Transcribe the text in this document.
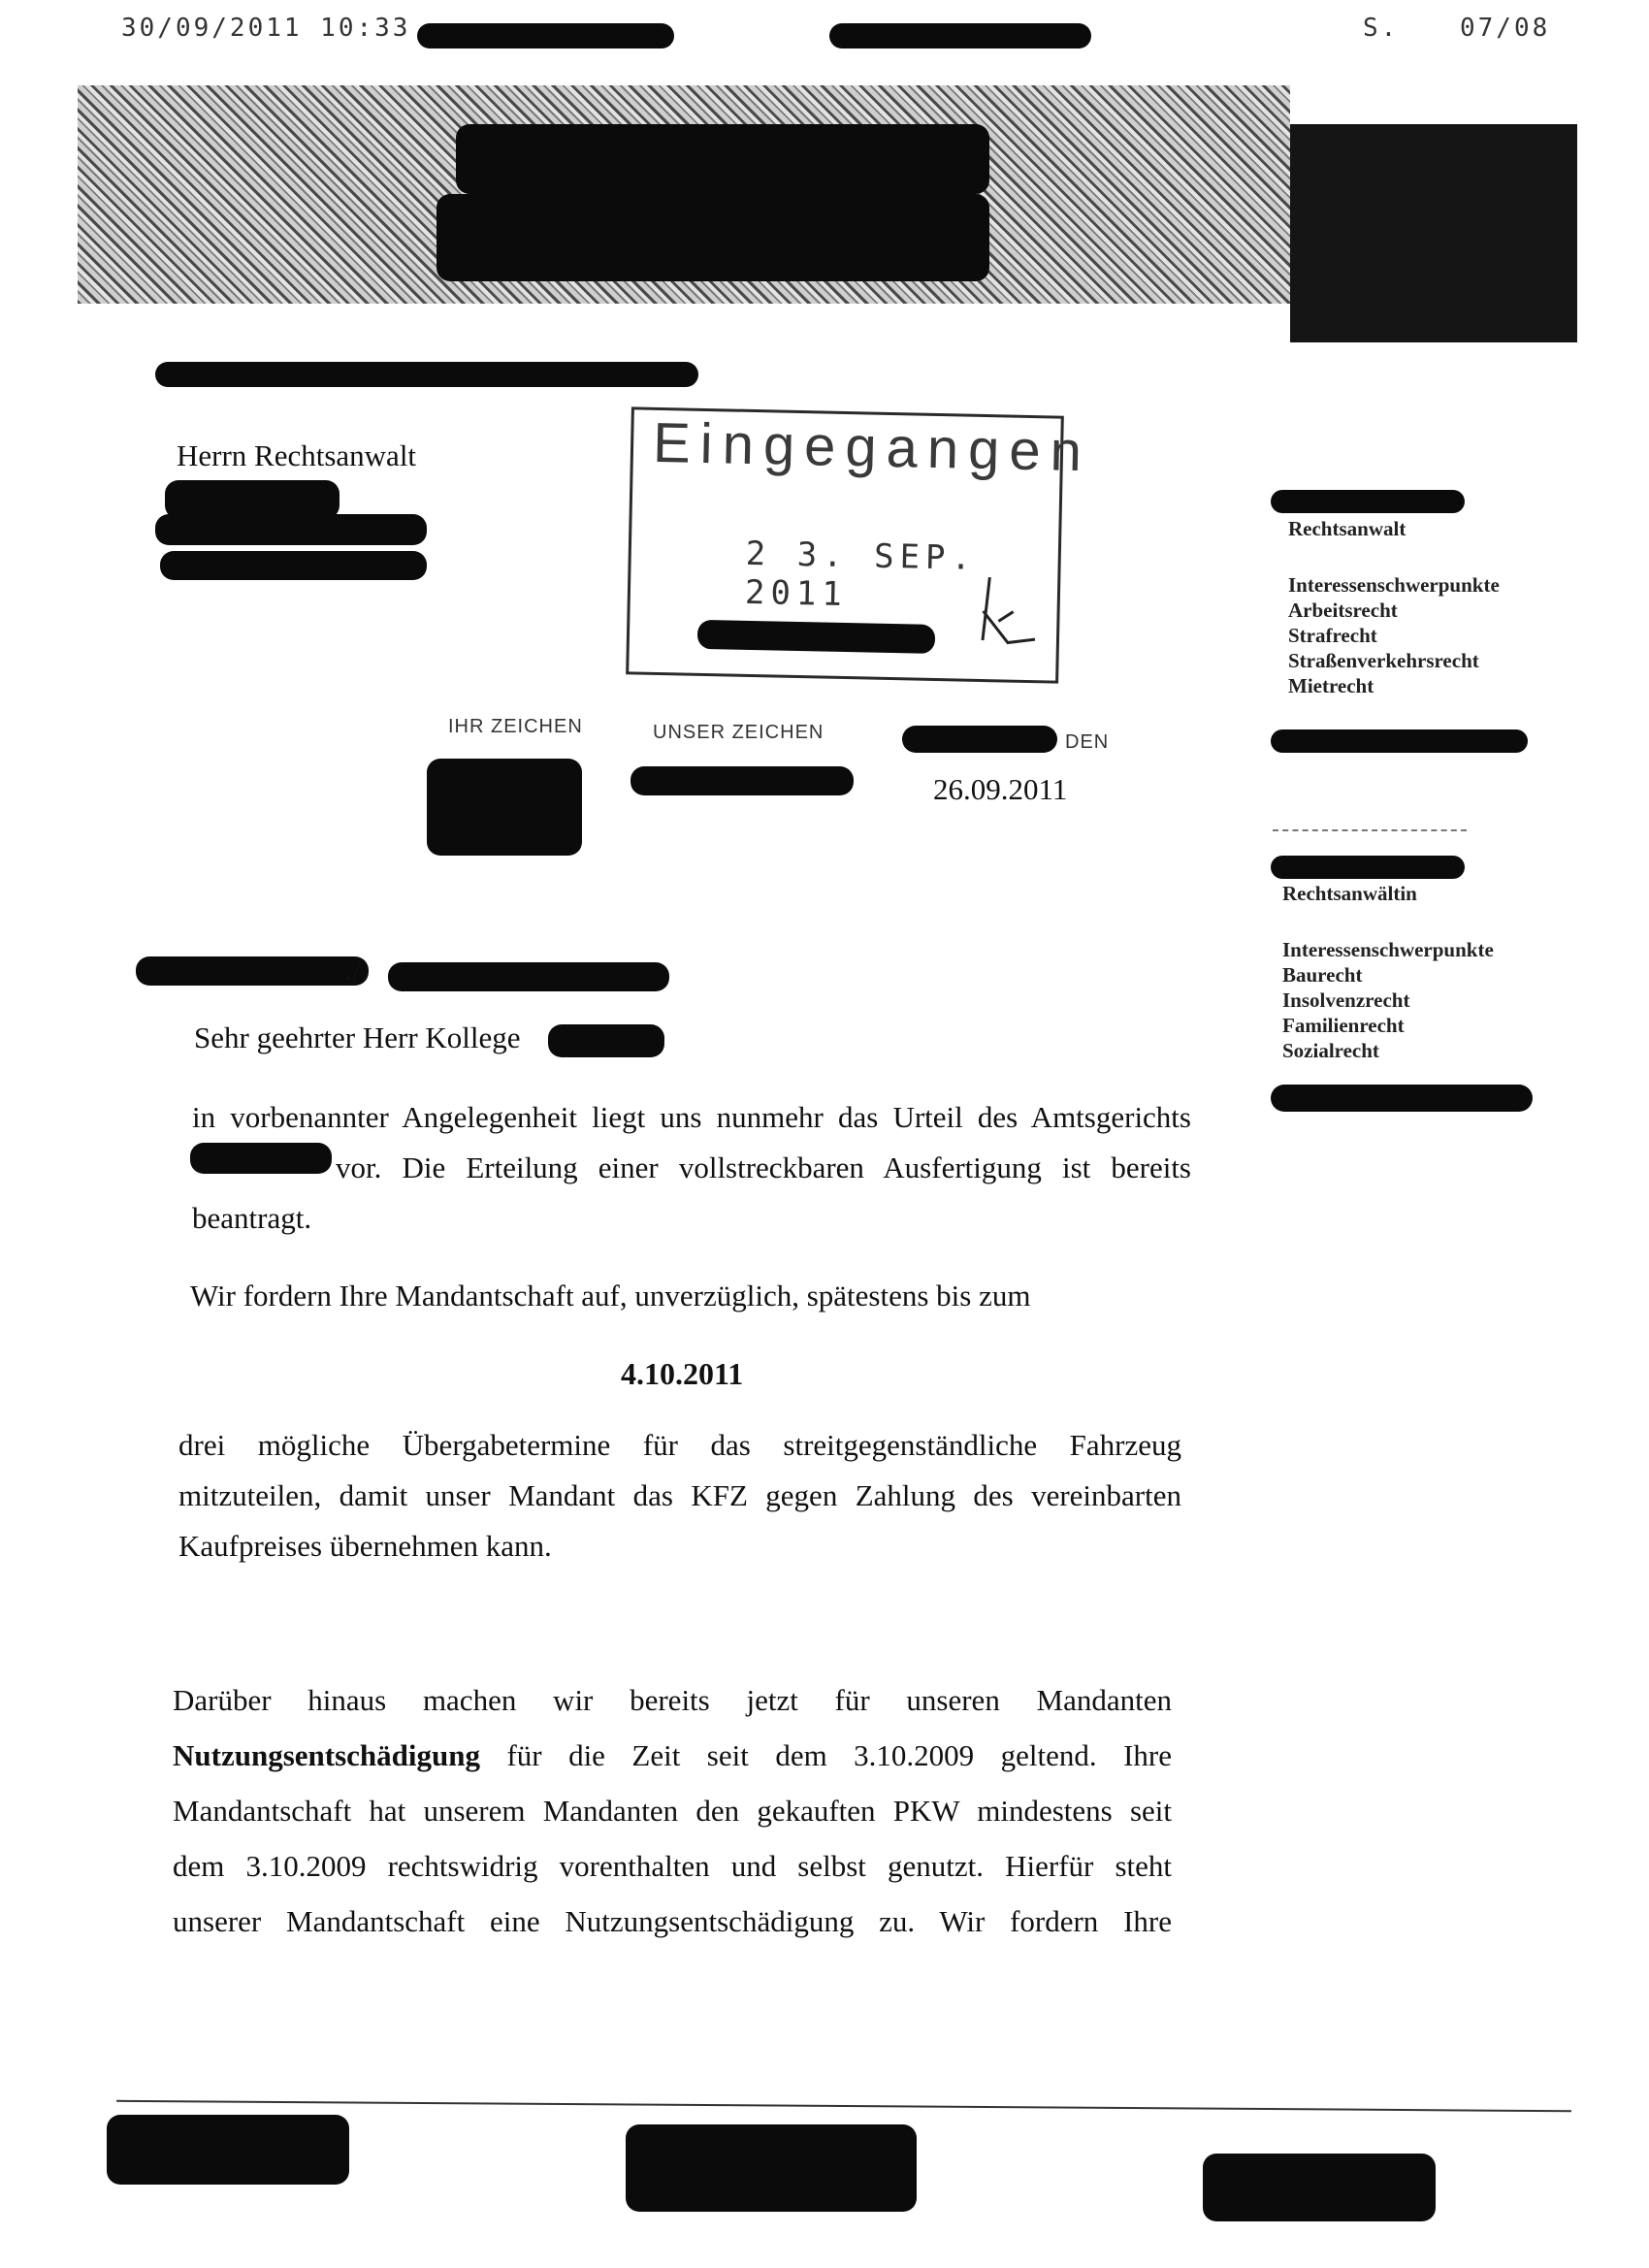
30/09/2011 10:33	S. 07/08
Herrn Rechtsanwalt	Eingegangen
2 3. SEP. 2011
IHR ZEICHEN	UNSER ZEICHEN	DEN
26.09.2011
Rechtsanwalt
Interessenschwerpunkte
Arbeitsrecht
Strafrecht
Straßenverkehrsrecht
Mietrecht
Rechtsanwältin
Interessenschwerpunkte
Baurecht
Insolvenzrecht
Familienrecht
Sozialrecht
./.
Sehr geehrter Herr Kollege
in vorbenannter Angelegenheit liegt uns nunmehr das Urteil des Amtsgerichts
vor. Die Erteilung einer vollstreckbaren Ausfertigung ist bereits
beantragt.
Wir fordern Ihre Mandantschaft auf, unverzüglich, spätestens bis zum
4.10.2011
drei mögliche Übergabetermine für das streitgegenständliche Fahrzeug
mitzuteilen, damit unser Mandant das KFZ gegen Zahlung des vereinbarten
Kaufpreises übernehmen kann.
Darüber hinaus machen wir bereits jetzt für unseren Mandanten
Nutzungsentschädigung für die Zeit seit dem 3.10.2009 geltend. Ihre
Mandantschaft hat unserem Mandanten den gekauften PKW mindestens seit
dem 3.10.2009 rechtswidrig vorenthalten und selbst genutzt. Hierfür steht
unserer Mandantschaft eine Nutzungsentschädigung zu. Wir fordern Ihre
